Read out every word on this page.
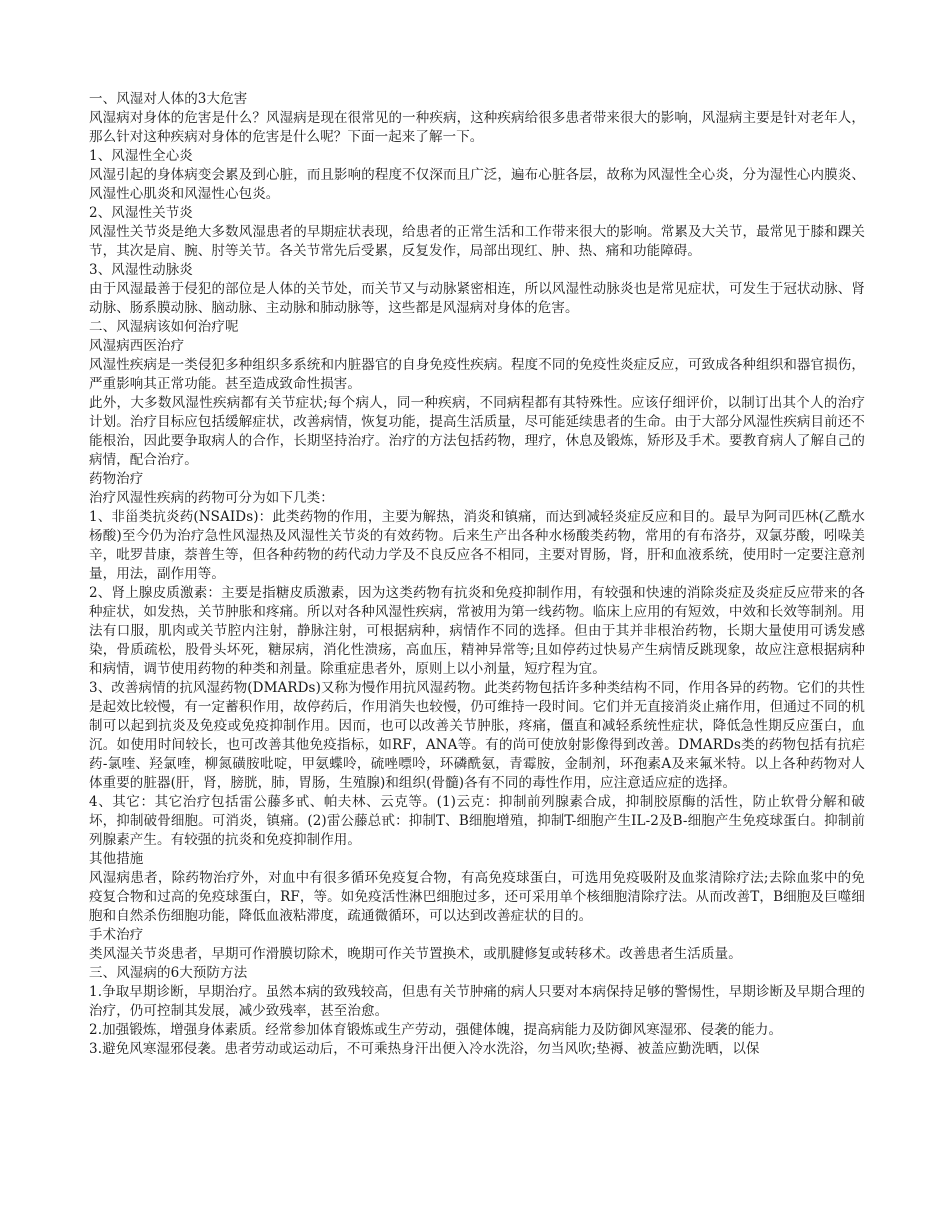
一、风湿对人体的3大危害

风湿病对身体的危害是什么？风湿病是现在很常见的一种疾病，这种疾病给很多患者带来很大的影响，风湿病主要是针对老年人，那么针对这种疾病对身体的危害是什么呢？下面一起来了解一下。

1、风湿性全心炎

风湿引起的身体病变会累及到心脏，而且影响的程度不仅深而且广泛，遍布心脏各层，故称为风湿性全心炎，分为湿性心内膜炎、风湿性心肌炎和风湿性心包炎。

2、风湿性关节炎

风湿性关节炎是绝大多数风湿患者的早期症状表现，给患者的正常生活和工作带来很大的影响。常累及大关节，最常见于膝和踝关节，其次是肩、腕、肘等关节。各关节常先后受累，反复发作，局部出现红、肿、热、痛和功能障碍。

3、风湿性动脉炎

由于风湿最善于侵犯的部位是人体的关节处，而关节又与动脉紧密相连，所以风湿性动脉炎也是常见症状，可发生于冠状动脉、肾动脉、肠系膜动脉、脑动脉、主动脉和肺动脉等，这些都是风湿病对身体的危害。

二、风湿病该如何治疗呢

风湿病西医治疗

风湿性疾病是一类侵犯多种组织多系统和内脏器官的自身免疫性疾病。程度不同的免疫性炎症反应，可致成各种组织和器官损伤，严重影响其正常功能。甚至造成致命性损害。

此外，大多数风湿性疾病都有关节症状;每个病人，同一种疾病，不同病程都有其特殊性。应该仔细评价，以制订出其个人的治疗计划。治疗目标应包括缓解症状，改善病情，恢复功能，提高生活质量，尽可能延续患者的生命。由于大部分风湿性疾病目前还不能根治，因此要争取病人的合作，长期坚持治疗。治疗的方法包括药物，理疗，休息及锻炼，矫形及手术。要教育病人了解自己的病情，配合治疗。

药物治疗

治疗风湿性疾病的药物可分为如下几类：

1、非甾类抗炎药(NSAIDs)：此类药物的作用，主要为解热，消炎和镇痛，而达到减轻炎症反应和目的。最早为阿司匹林(乙酰水杨酸)至今仍为治疗急性风湿热及风湿性关节炎的有效药物。后来生产出各种水杨酸类药物，常用的有布洛芬，双氯芬酸，吲哚美辛，吡罗昔康，萘普生等，但各种药物的药代动力学及不良反应各不相同，主要对胃肠，肾，肝和血液系统，使用时一定要注意剂量，用法，副作用等。

2、肾上腺皮质激素：主要是指糖皮质激素，因为这类药物有抗炎和免疫抑制作用，有较强和快速的消除炎症及炎症反应带来的各种症状，如发热，关节肿胀和疼痛。所以对各种风湿性疾病，常被用为第一线药物。临床上应用的有短效，中效和长效等制剂。用法有口服，肌肉或关节腔内注射，静脉注射，可根据病种，病情作不同的选择。但由于其并非根治药物，长期大量使用可诱发感染，骨质疏松，股骨头坏死，糖尿病，消化性溃疡，高血压，精神异常等;且如停药过快易产生病情反跳现象，故应注意根据病种和病情，调节使用药物的种类和剂量。除重症患者外，原则上以小剂量，短疗程为宜。

3、改善病情的抗风湿药物(DMARDs)又称为慢作用抗风湿药物。此类药物包括许多种类结构不同，作用各异的药物。它们的共性是起效比较慢，有一定蓄积作用，故停药后，作用消失也较慢，仍可维持一段时间。它们并无直接消炎止痛作用，但通过不同的机制可以起到抗炎及免疫或免疫抑制作用。因而，也可以改善关节肿胀，疼痛，僵直和减轻系统性症状，降低急性期反应蛋白，血沉。如使用时间较长，也可改善其他免疫指标，如RF，ANA等。有的尚可使放射影像得到改善。DMARDs类的药物包括有抗疟药-氯喹、羟氯喹，柳氮磺胺吡啶，甲氨蝶呤，硫唑嘌呤，环磷酰氨，青霉胺，金制剂，环孢素A及来氟米特。以上各种药物对人体重要的脏器(肝，肾，膀胱，肺，胃肠，生殖腺)和组织(骨髓)各有不同的毒性作用，应注意适应症的选择。

4、其它：其它治疗包括雷公藤多甙、帕夫林、云克等。(1)云克：抑制前列腺素合成，抑制胶原酶的活性，防止软骨分解和破坏，抑制破骨细胞。可消炎，镇痛。(2)雷公藤总甙：抑制T、B细胞增殖，抑制T-细胞产生IL-2及B-细胞产生免疫球蛋白。抑制前列腺素产生。有较强的抗炎和免疫抑制作用。

其他措施

风湿病患者，除药物治疗外，对血中有很多循环免疫复合物，有高免疫球蛋白，可选用免疫吸附及血浆清除疗法;去除血浆中的免疫复合物和过高的免疫球蛋白，RF，等。如免疫活性淋巴细胞过多，还可采用单个核细胞清除疗法。从而改善T，B细胞及巨噬细胞和自然杀伤细胞功能，降低血液粘滞度，疏通微循环，可以达到改善症状的目的。

手术治疗

类风湿关节炎患者，早期可作滑膜切除术，晚期可作关节置换术，或肌腱修复或转移术。改善患者生活质量。

三、风湿病的6大预防方法

1.争取早期诊断，早期治疗。虽然本病的致残较高，但患有关节肿痛的病人只要对本病保持足够的警惕性，早期诊断及早期合理的治疗，仍可控制其发展，减少致残率，甚至治愈。

2.加强锻炼，增强身体素质。经常参加体育锻炼或生产劳动，强健体魄，提高病能力及防御风寒湿邪、侵袭的能力。

3.避免风寒湿邪侵袭。患者劳动或运动后，不可乘热身汗出便入冷水洗浴，勿当风吹;垫褥、被盖应勤洗晒，以保
